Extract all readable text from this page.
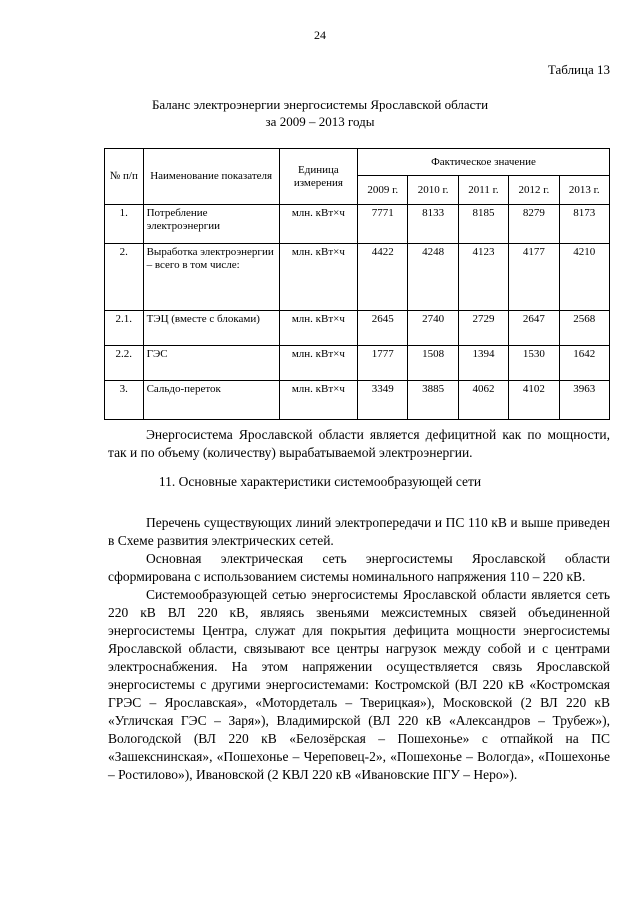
24
Таблица 13
Баланс электроэнергии энергосистемы Ярославской области
за 2009 – 2013 годы
№ п/п	Наименование показателя	Единица измерения	Фактическое значение				
			2009 г.	2010 г.	2011 г.	2012 г.	2013 г.
1.	Потребление электроэнергии	млн. кВт×ч	7771	8133	8185	8279	8173
2.	Выработка электроэнергии – всего в том числе:	млн. кВт×ч	4422	4248	4123	4177	4210
2.1.	ТЭЦ (вместе с блоками)	млн. кВт×ч	2645	2740	2729	2647	2568
2.2.	ГЭС	млн. кВт×ч	1777	1508	1394	1530	1642
3.	Сальдо-переток	млн. кВт×ч	3349	3885	4062	4102	3963

Энергосистема Ярославской области является дефицитной как по мощности, так и по объему (количеству) вырабатываемой электроэнергии.

11. Основные характеристики системообразующей сети

Перечень существующих линий электропередачи и ПС 110 кВ и выше приведен в Схеме развития электрических сетей.

Основная электрическая сеть энергосистемы Ярославской области сформирована с использованием системы номинального напряжения 110 – 220 кВ.

Системообразующей сетью энергосистемы Ярославской области является сеть 220 кВ ВЛ 220 кВ, являясь звеньями межсистемных связей объединенной энергосистемы Центра, служат для покрытия дефицита мощности энергосистемы Ярославской области, связывают все центры нагрузок между собой и с центрами электроснабжения. На этом напряжении осуществляется связь Ярославской энергосистемы с другими энергосистемами: Костромской (ВЛ 220 кВ «Костромская ГРЭС – Ярославская», «Мотордеталь – Тверицкая»), Московской (2 ВЛ 220 кВ «Угличская ГЭС – Заря»), Владимирской (ВЛ 220 кВ «Александров – Трубеж»), Вологодской (ВЛ 220 кВ «Белозёрская – Пошехонье» с отпайкой на ПС «Зашекснинская», «Пошехонье – Череповец-2», «Пошехонье – Вологда», «Пошехонье – Ростилово»), Ивановской (2 КВЛ 220 кВ «Ивановские ПГУ – Неро»).
